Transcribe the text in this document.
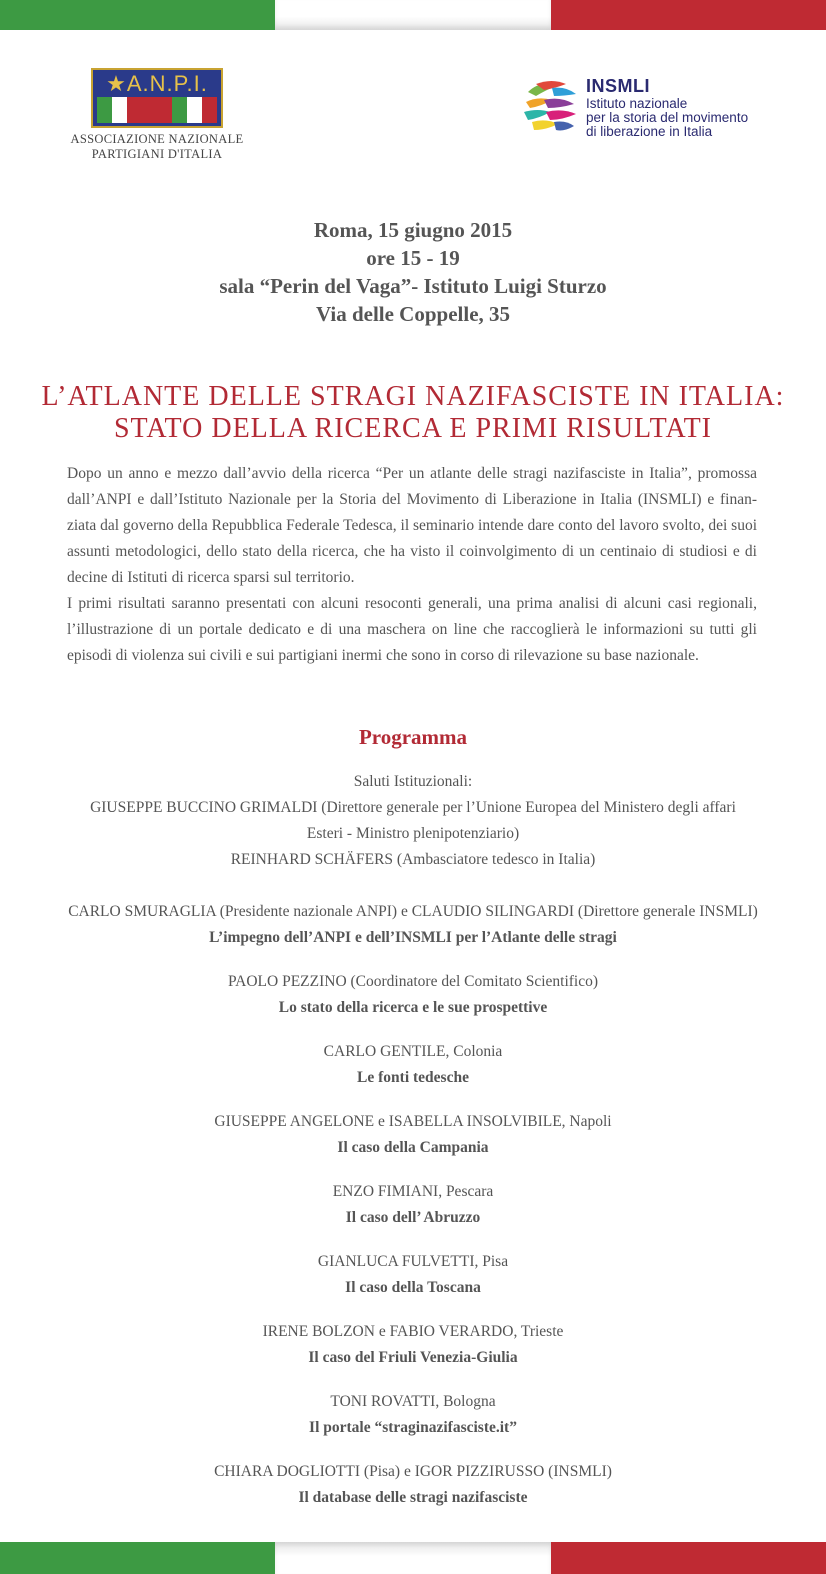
★A.N.P.I.
ASSOCIAZIONE NAZIONALE
PARTIGIANI D'ITALIA
INSMLI
Istituto nazionale
per la storia del movimento
di liberazione in Italia
Roma, 15 giugno 2015
ore 15 - 19
sala “Perin del Vaga”- Istituto Luigi Sturzo
Via delle Coppelle, 35
L’ATLANTE DELLE STRAGI NAZIFASCISTE IN ITALIA:
STATO DELLA RICERCA E PRIMI RISULTATI

Dopo un anno e mezzo dall’avvio della ricerca “Per un atlante delle stragi nazifasciste in Italia”, promossa dall’ANPI e dall’Istituto Nazionale per la Storia del Movimento di Liberazione in Italia (INSMLI) e finan-ziata dal governo della Repubblica Federale Tedesca, il seminario intende dare conto del lavoro svolto, dei suoi assunti metodologici, dello stato della ricerca, che ha visto il coinvolgimento di un centinaio di studiosi e di decine di Istituti di ricerca sparsi sul territorio.

I primi risultati saranno presentati con alcuni resoconti generali, una prima analisi di alcuni casi regionali, l’illustrazione di un portale dedicato e di una maschera on line che raccoglierà le informazioni su tutti gli episodi di violenza sui civili e sui partigiani inermi che sono in corso di rilevazione su base nazionale.

Programma
Saluti Istituzionali:
GIUSEPPE BUCCINO GRIMALDI (Direttore generale per l’Unione Europea del Ministero degli affari
Esteri - Ministro plenipotenziario)
REINHARD SCHÄFERS (Ambasciatore tedesco in Italia)
CARLO SMURAGLIA (Presidente nazionale ANPI) e CLAUDIO SILINGARDI (Direttore generale INSMLI)
L’impegno dell’ANPI e dell’INSMLI per l’Atlante delle stragi
PAOLO PEZZINO (Coordinatore del Comitato Scientifico)
Lo stato della ricerca e le sue prospettive
CARLO GENTILE, Colonia
Le fonti tedesche
GIUSEPPE ANGELONE e ISABELLA INSOLVIBILE, Napoli
Il caso della Campania
ENZO FIMIANI, Pescara
Il caso dell’ Abruzzo
GIANLUCA FULVETTI, Pisa
Il caso della Toscana
IRENE BOLZON e FABIO VERARDO, Trieste
Il caso del Friuli Venezia-Giulia
TONI ROVATTI, Bologna
Il portale “straginazifasciste.it”
CHIARA DOGLIOTTI (Pisa) e IGOR PIZZIRUSSO (INSMLI)
Il database delle stragi nazifasciste
